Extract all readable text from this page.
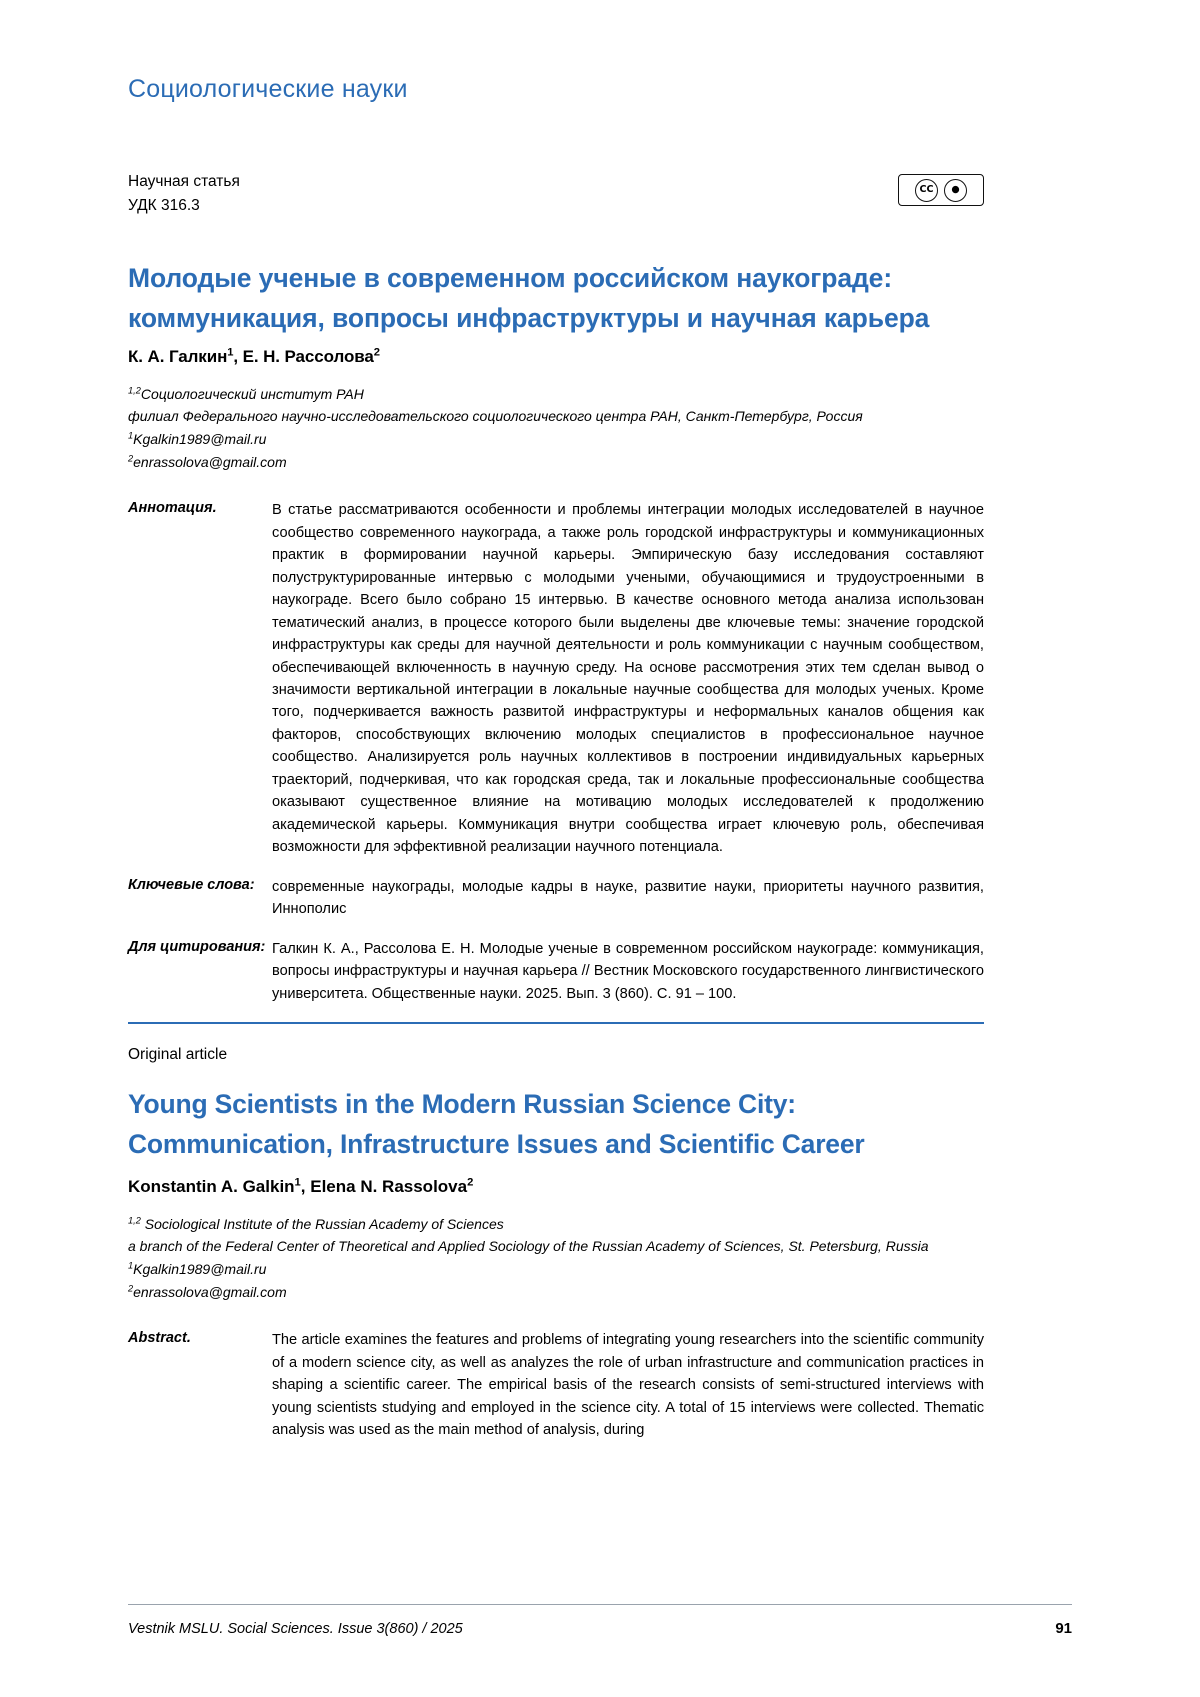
Социологические науки
Научная статья
УДК 316.3
CC	●
Молодые ученые в современном российском наукограде: коммуникация, вопросы инфраструктуры и научная карьера
К. А. Галкин$^1$, Е. Н. Рассолова$^2$
$^{1,2}$Социологический институт РАН
филиал Федерального научно-исследовательского социологического центра РАН, Санкт-Петербург, Россия
$^1$Kgalkin1989@mail.ru
$^2$enrassolova@gmail.com
Аннотация.	В статье рассматриваются особенности и проблемы интеграции молодых исследователей в научное сообщество современного наукограда, а также роль городской инфраструктуры и коммуникационных практик в формировании научной карьеры. Эмпирическую базу исследования составляют полуструктурированные интервью с молодыми учеными, обучающимися и трудоустроенными в наукограде. Всего было собрано 15 интервью. В качестве основного метода анализа использован тематический анализ, в процессе которого были выделены две ключевые темы: значение городской инфраструктуры как среды для научной деятельности и роль коммуникации с научным сообществом, обеспечивающей включенность в научную среду. На основе рассмотрения этих тем сделан вывод о значимости вертикальной интеграции в локальные научные сообщества для молодых ученых. Кроме того, подчеркивается важность развитой инфраструктуры и неформальных каналов общения как факторов, способствующих включению молодых специалистов в профессиональное научное сообщество. Анализируется роль научных коллективов в построении индивидуальных карьерных траекторий, подчеркивая, что как городская среда, так и локальные профессиональные сообщества оказывают существенное влияние на мотивацию молодых исследователей к продолжению академической карьеры. Коммуникация внутри сообщества играет ключевую роль, обеспечивая возможности для эффективной реализации научного потенциала.
Ключевые слова:	современные наукограды, молодые кадры в науке, развитие науки, приоритеты научного развития, Иннополис
Для цитирования: Галкин К. А., Рассолова Е. Н. Молодые ученые в современном российском наукограде: коммуникация, вопросы инфраструктуры и научная карьера // Вестник Московского государственного лингвистического университета. Общественные науки. 2025. Вып. 3 (860). С. 91 – 100.
Original article
Young Scientists in the Modern Russian Science City: Communication, Infrastructure Issues and Scientific Career
Konstantin A. Galkin$^1$, Elena N. Rassolova$^2$
$^{1,2}$ Sociological Institute of the Russian Academy of Sciences
a branch of the Federal Center of Theoretical and Applied Sociology of the Russian Academy of Sciences, St. Petersburg, Russia
$^1$Kgalkin1989@mail.ru
$^2$enrassolova@gmail.com
Abstract.	The article examines the features and problems of integrating young researchers into the scientific community of a modern science city, as well as analyzes the role of urban infrastructure and communication practices in shaping a scientific career. The empirical basis of the research consists of semi-structured interviews with young scientists studying and employed in the science city. A total of 15 interviews were collected. Thematic analysis was used as the main method of analysis, during
Vestnik MSLU. Social Sciences. Issue 3(860) / 2025	91
